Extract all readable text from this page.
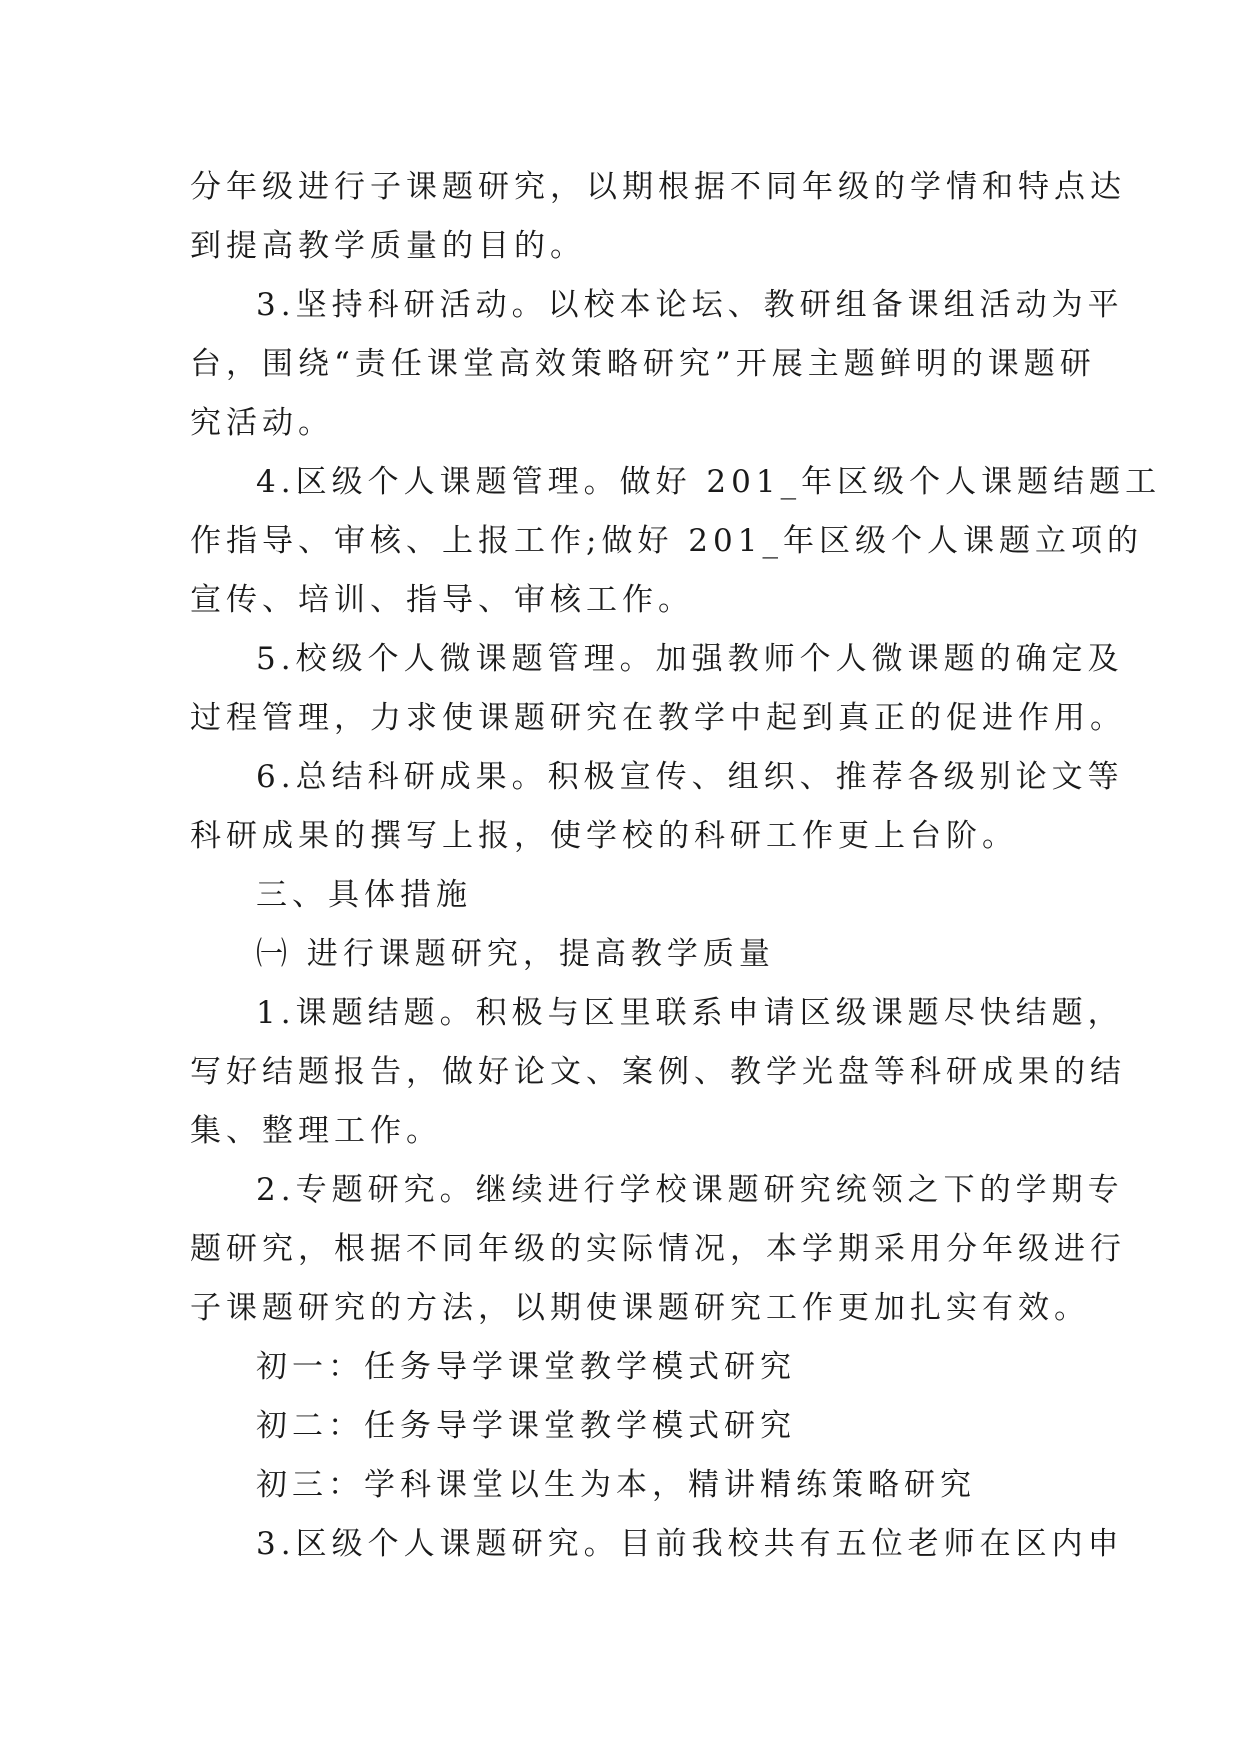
分年级进行子课题研究，以期根据不同年级的学情和特点达
到提高教学质量的目的。

3.坚持科研活动。以校本论坛、教研组备课组活动为平
台，围绕“责任课堂高效策略研究”开展主题鲜明的课题研
究活动。

4.区级个人课题管理。做好 201_年区级个人课题结题工
作指导、审核、上报工作;做好 201_年区级个人课题立项的
宣传、培训、指导、审核工作。

5.校级个人微课题管理。加强教师个人微课题的确定及
过程管理，力求使课题研究在教学中起到真正的促进作用。

6.总结科研成果。积极宣传、组织、推荐各级别论文等
科研成果的撰写上报，使学校的科研工作更上台阶。

三、具体措施

㈠ 进行课题研究，提高教学质量

1.课题结题。积极与区里联系申请区级课题尽快结题，
写好结题报告，做好论文、案例、教学光盘等科研成果的结
集、整理工作。

2.专题研究。继续进行学校课题研究统领之下的学期专
题研究，根据不同年级的实际情况，本学期采用分年级进行
子课题研究的方法，以期使课题研究工作更加扎实有效。

初一：任务导学课堂教学模式研究

初二：任务导学课堂教学模式研究

初三：学科课堂以生为本，精讲精练策略研究

3.区级个人课题研究。目前我校共有五位老师在区内申
